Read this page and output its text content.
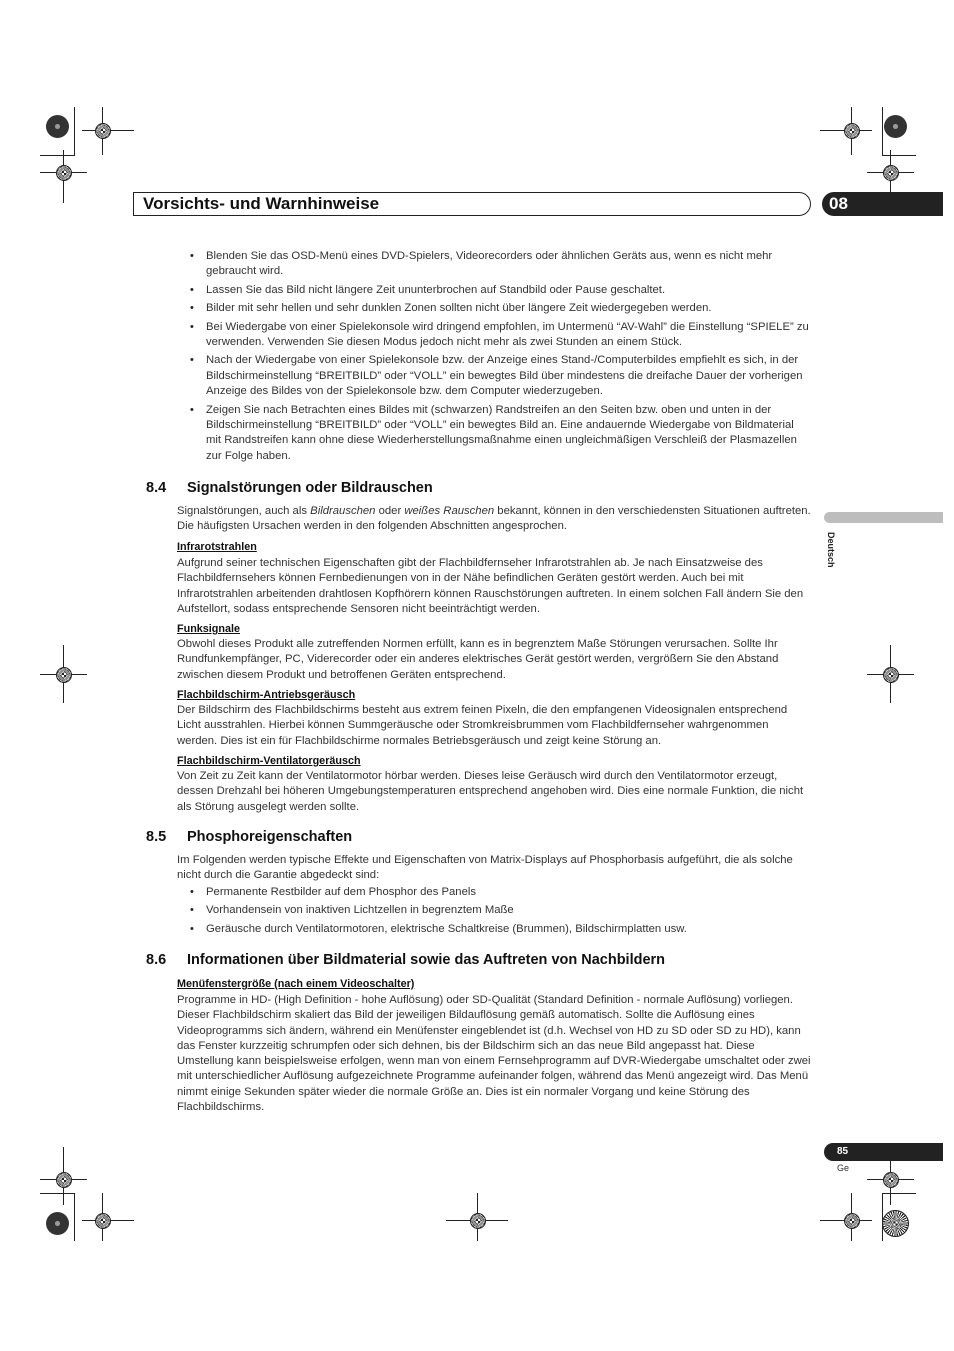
Vorsichts- und Warnhinweise	08
Deutsch
• Blenden Sie das OSD-Menü eines DVD-Spielers, Videorecorders oder ähnlichen Geräts aus, wenn es nicht mehr gebraucht wird.
• Lassen Sie das Bild nicht längere Zeit ununterbrochen auf Standbild oder Pause geschaltet.
• Bilder mit sehr hellen und sehr dunklen Zonen sollten nicht über längere Zeit wiedergegeben werden.
• Bei Wiedergabe von einer Spielekonsole wird dringend empfohlen, im Untermenü “AV-Wahl” die Einstellung “SPIELE” zu verwenden. Verwenden Sie diesen Modus jedoch nicht mehr als zwei Stunden an einem Stück.
• Nach der Wiedergabe von einer Spielekonsole bzw. der Anzeige eines Stand-/Computerbildes empfiehlt es sich, in der Bildschirmeinstellung “BREITBILD” oder “VOLL” ein bewegtes Bild über mindestens die dreifache Dauer der vorherigen Anzeige des Bildes von der Spielekonsole bzw. dem Computer wiederzugeben.
• Zeigen Sie nach Betrachten eines Bildes mit (schwarzen) Randstreifen an den Seiten bzw. oben und unten in der Bildschirmeinstellung “BREITBILD” oder “VOLL” ein bewegtes Bild an. Eine andauernde Wiedergabe von Bildmaterial mit Randstreifen kann ohne diese Wiederherstellungsmaßnahme einen ungleichmäßigen Verschleiß der Plasmazellen zur Folge haben.
8.4 Signalstörungen oder Bildrauschen
Signalstörungen, auch als Bildrauschen oder weißes Rauschen bekannt, können in den verschiedensten Situationen auftreten. Die häufigsten Ursachen werden in den folgenden Abschnitten angesprochen.
Infrarotstrahlen
Aufgrund seiner technischen Eigenschaften gibt der Flachbildfernseher Infrarotstrahlen ab. Je nach Einsatzweise des Flachbildfernsehers können Fernbedienungen von in der Nähe befindlichen Geräten gestört werden. Auch bei mit Infrarotstrahlen arbeitenden drahtlosen Kopfhörern können Rauschstörungen auftreten. In einem solchen Fall ändern Sie den Aufstellort, sodass entsprechende Sensoren nicht beeinträchtigt werden.
Funksignale
Obwohl dieses Produkt alle zutreffenden Normen erfüllt, kann es in begrenztem Maße Störungen verursachen. Sollte Ihr Rundfunkempfänger, PC, Viderecorder oder ein anderes elektrisches Gerät gestört werden, vergrößern Sie den Abstand zwischen diesem Produkt und betroffenen Geräten entsprechend.
Flachbildschirm-Antriebsgeräusch
Der Bildschirm des Flachbildschirms besteht aus extrem feinen Pixeln, die den empfangenen Videosignalen entsprechend Licht ausstrahlen. Hierbei können Summgeräusche oder Stromkreisbrummen vom Flachbildfernseher wahrgenommen werden. Dies ist ein für Flachbildschirme normales Betriebsgeräusch und zeigt keine Störung an.
Flachbildschirm-Ventilatorgeräusch
Von Zeit zu Zeit kann der Ventilatormotor hörbar werden. Dieses leise Geräusch wird durch den Ventilatormotor erzeugt, dessen Drehzahl bei höheren Umgebungstemperaturen entsprechend angehoben wird. Dies eine normale Funktion, die nicht als Störung ausgelegt werden sollte.
8.5 Phosphoreigenschaften
Im Folgenden werden typische Effekte und Eigenschaften von Matrix-Displays auf Phosphorbasis aufgeführt, die als solche nicht durch die Garantie abgedeckt sind:
• Permanente Restbilder auf dem Phosphor des Panels
• Vorhandensein von inaktiven Lichtzellen in begrenztem Maße
• Geräusche durch Ventilatormotoren, elektrische Schaltkreise (Brummen), Bildschirmplatten usw.
8.6 Informationen über Bildmaterial sowie das Auftreten von Nachbildern
Menüfenstergröße (nach einem Videoschalter)
Programme in HD- (High Definition - hohe Auflösung) oder SD-Qualität (Standard Definition - normale Auflösung) vorliegen. Dieser Flachbildschirm skaliert das Bild der jeweiligen Bildauflösung gemäß automatisch. Sollte die Auflösung eines Videoprogramms sich ändern, während ein Menüfenster eingeblendet ist (d.h. Wechsel von HD zu SD oder SD zu HD), kann das Fenster kurzzeitig schrumpfen oder sich dehnen, bis der Bildschirm sich an das neue Bild angepasst hat. Diese Umstellung kann beispielsweise erfolgen, wenn man von einem Fernsehprogramm auf DVR-Wiedergabe umschaltet oder zwei mit unterschiedlicher Auflösung aufgezeichnete Programme aufeinander folgen, während das Menü angezeigt wird. Das Menü nimmt einige Sekunden später wieder die normale Größe an. Dies ist ein normaler Vorgang und keine Störung des Flachbildschirms.
85
Ge
